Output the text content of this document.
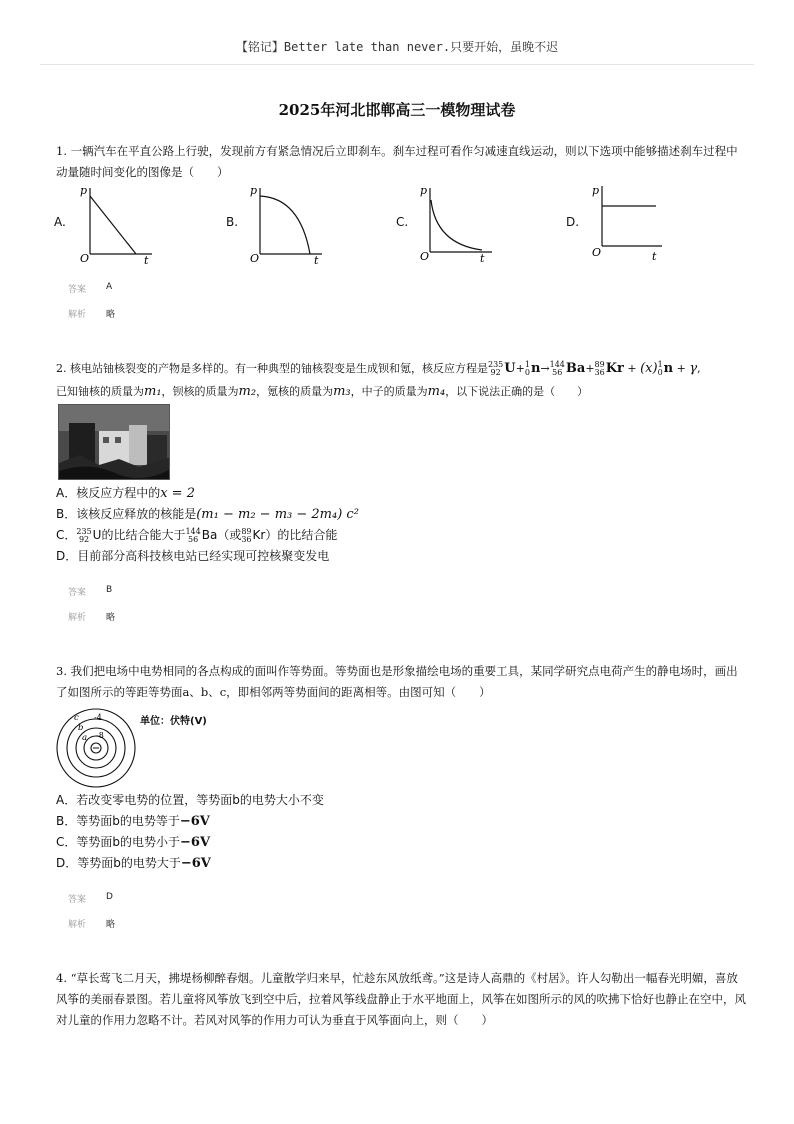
【铭记】Better late than never.只要开始，虽晚不迟
2025年河北邯郸高三一模物理试卷
1. 一辆汽车在平直公路上行驶，发现前方有紧急情况后立即刹车。刹车过程可看作匀减速直线运动，则以下选项中能够描述刹车过程中动量随时间变化的图像是（　　）
A.	B.	C.	D.
p
t
O
p
t
O
p
t
O
p
t
O
答案 A
解析 略
2. 核电站铀核裂变的产物是多样的。有一种典型的铀核裂变是生成钡和氪，核反应方程是 235
92 U+ 1
0 n→ 144
56 Ba+ 89
36 Kr + (x) 1
0 n + γ,
已知铀核的质量为m₁，钡核的质量为m₂，氪核的质量为m₃，中子的质量为m₄，以下说法正确的是（　　）
A．核反应方程中的x = 2
B．该核反应释放的核能是(m₁ − m₂ − m₃ − 2m₄) c²
C． 235
92 U的比结合能大于 144
56 Ba（或 89
36 Kr）的比结合能
D．目前部分高科技核电站已经实现可控核聚变发电
答案 B
解析 略
3. 我们把电场中电势相同的各点构成的面叫作等势面。等势面也是形象描绘电场的重要工具，某同学研究点电荷产生的静电场时，画出了如图所示的等距等势面a、b、c，即相邻两等势面间的距离相等。由图可知（　　）
c
b
a
-4
-8
单位：伏特(V)
A．若改变零电势的位置，等势面b的电势大小不变
B．等势面b的电势等于−6V
C．等势面b的电势小于−6V
D．等势面b的电势大于−6V
答案 D
解析 略
4. “草长莺飞二月天，拂堤杨柳醉春烟。儿童散学归来早，忙趁东风放纸鸢。”这是诗人高鼎的《村居》。许人勾勒出一幅春光明媚，喜放风筝的美丽春景图。若儿童将风筝放飞到空中后，拉着风筝线盘静止于水平地面上，风筝在如图所示的风的吹拂下恰好也静止在空中，风对儿童的作用力忽略不计。若风对风筝的作用力可认为垂直于风筝面向上，则（　　）
